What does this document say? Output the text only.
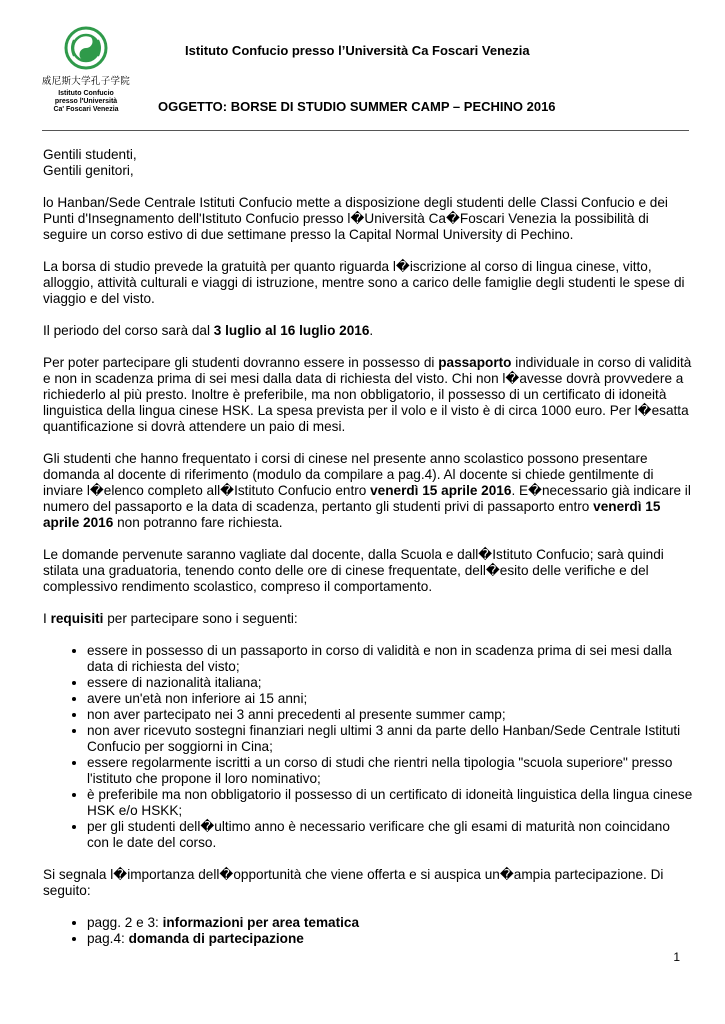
威尼斯大学孔子学院
Istituto Confucio
presso l'Università
Ca' Foscari Venezia
Istituto Confucio presso l’Università Ca Foscari Venezia
OGGETTO: BORSE DI STUDIO SUMMER CAMP – PECHINO 2016

Gentili studenti,
Gentili genitori,

lo Hanban/Sede Centrale Istituti Confucio mette a disposizione degli studenti delle Classi Confucio e dei Punti d'Insegnamento dell'Istituto Confucio presso l�Università Ca�Foscari Venezia la possibilità di seguire un corso estivo di due settimane presso la Capital Normal University di Pechino.

La borsa di studio prevede la gratuità per quanto riguarda l�iscrizione al corso di lingua cinese, vitto, alloggio, attività culturali e viaggi di istruzione, mentre sono a carico delle famiglie degli studenti le spese di viaggio e del visto.

Il periodo del corso sarà dal 3 luglio al 16 luglio 2016.

Per poter partecipare gli studenti dovranno essere in possesso di passaporto individuale in corso di validità e non in scadenza prima di sei mesi dalla data di richiesta del visto. Chi non l�avesse dovrà provvedere a richiederlo al più presto. Inoltre è preferibile, ma non obbligatorio, il possesso di un certificato di idoneità linguistica della lingua cinese HSK. La spesa prevista per il volo e il visto è di circa 1000 euro. Per l�esatta quantificazione si dovrà attendere un paio di mesi.

Gli studenti che hanno frequentato i corsi di cinese nel presente anno scolastico possono presentare domanda al docente di riferimento (modulo da compilare a pag.4). Al docente si chiede gentilmente di inviare l�elenco completo all�Istituto Confucio entro venerdì 15 aprile 2016. E�necessario già indicare il numero del passaporto e la data di scadenza, pertanto gli studenti privi di passaporto entro venerdì 15 aprile 2016 non potranno fare richiesta.

Le domande pervenute saranno vagliate dal docente, dalla Scuola e dall�Istituto Confucio; sarà quindi stilata una graduatoria, tenendo conto delle ore di cinese frequentate, dell�esito delle verifiche e del complessivo rendimento scolastico, compreso il comportamento.

I requisiti per partecipare sono i seguenti:

• essere in possesso di un passaporto in corso di validità e non in scadenza prima di sei mesi dalla data di richiesta del visto;
• essere di nazionalità italiana;
• avere un'età non inferiore ai 15 anni;
• non aver partecipato nei 3 anni precedenti al presente summer camp;
• non aver ricevuto sostegni finanziari negli ultimi 3 anni da parte dello Hanban/Sede Centrale Istituti Confucio per soggiorni in Cina;
• essere regolarmente iscritti a un corso di studi che rientri nella tipologia "scuola superiore" presso l'istituto che propone il loro nominativo;
• è preferibile ma non obbligatorio il possesso di un certificato di idoneità linguistica della lingua cinese HSK e/o HSKK;
• per gli studenti dell�ultimo anno è necessario verificare che gli esami di maturità non coincidano con le date del corso.

Si segnala l�importanza dell�opportunità che viene offerta e si auspica un�ampia partecipazione. Di seguito:

• pagg. 2 e 3: informazioni per area tematica
• pag.4: domanda di partecipazione
1
